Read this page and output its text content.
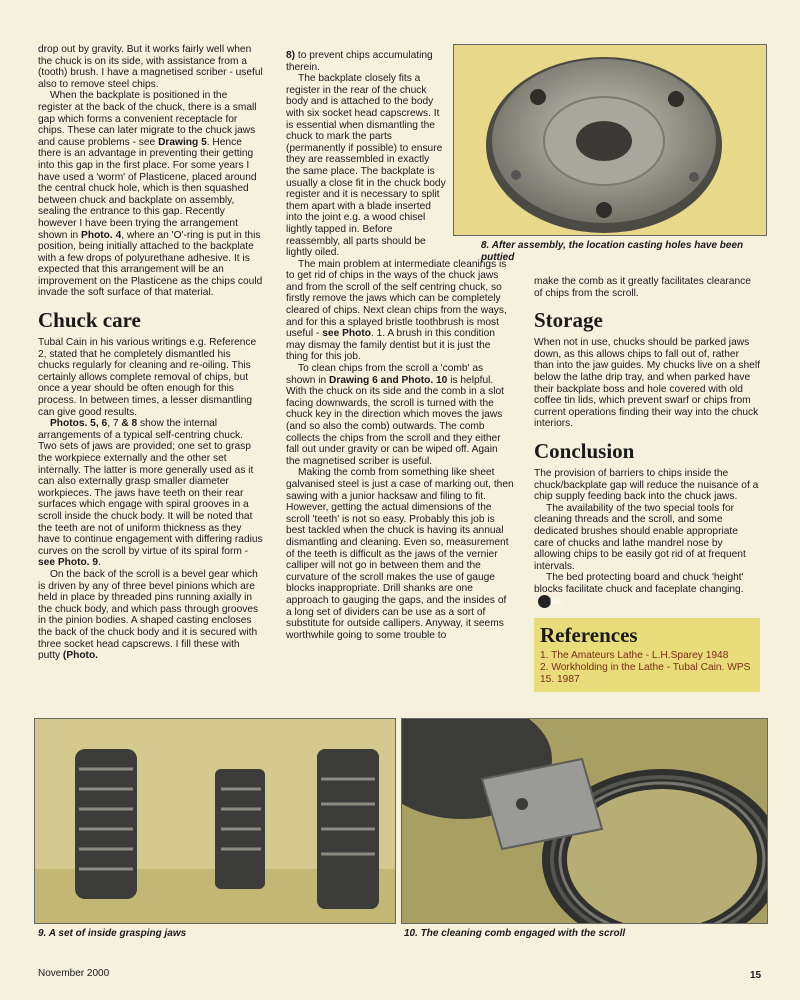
drop out by gravity. But it works fairly well when the chuck is on its side, with assistance from a (tooth) brush. I have a magnetised scriber - useful also to remove steel chips.

When the backplate is positioned in the register at the back of the chuck, there is a small gap which forms a convenient receptacle for chips. These can later migrate to the chuck jaws and cause problems - see Drawing 5. Hence there is an advantage in preventing their getting into this gap in the first place. For some years I have used a 'worm' of Plasticene, placed around the central chuck hole, which is then squashed between chuck and backplate on assembly, sealing the entrance to this gap. Recently however I have been trying the arrangement shown in Photo. 4, where an 'O'-ring is put in this position, being initially attached to the backplate with a few drops of polyurethane adhesive. It is expected that this arrangement will be an improvement on the Plasticene as the chips could invade the soft surface of that material.

Chuck care

Tubal Cain in his various writings e.g. Reference 2, stated that he completely dismantled his chucks regularly for cleaning and re-oiling. This certainly allows complete removal of chips, but once a year should be often enough for this process. In between times, a lesser dismantling can give good results.

Photos. 5, 6, 7 & 8 show the internal arrangements of a typical self-centring chuck. Two sets of jaws are provided; one set to grasp the workpiece externally and the other set internally. The latter is more generally used as it can also externally grasp smaller diameter workpieces. The jaws have teeth on their rear surfaces which engage with spiral grooves in a scroll inside the chuck body. It will be noted that the teeth are not of uniform thickness as they have to continue engagement with differing radius curves on the scroll by virtue of its spiral form - see Photo. 9.

On the back of the scroll is a bevel gear which is driven by any of three bevel pinions which are held in place by threaded pins running axially in the chuck body, and which pass through grooves in the pinion bodies. A shaped casting encloses the back of the chuck body and it is secured with three socket head capscrews. I fill these with putty (Photo.

8) to prevent chips accumulating therein.

The backplate closely fits a register in the rear of the chuck body and is attached to the body with six socket head capscrews. It is essential when dismantling the chuck to mark the parts (permanently if possible) to ensure they are reassembled in exactly the same place. The backplate is usually a close fit in the chuck body register and it is necessary to split them apart with a blade inserted into the joint e.g. a wood chisel lightly tapped in. Before reassembly, all parts should be lightly oiled.

The main problem at intermediate cleanings is to get rid of chips in the ways of the chuck jaws and from the scroll of the self centring chuck, so firstly remove the jaws which can be completely cleared of chips. Next clean chips from the ways, and for this a splayed bristle toothbrush is most useful - see Photo. 1. A brush in this condition may dismay the family dentist but it is just the thing for this job.

To clean chips from the scroll a 'comb' as shown in Drawing 6 and Photo. 10 is helpful. With the chuck on its side and the comb in a slot facing downwards, the scroll is turned with the chuck key in the direction which moves the jaws (and so also the comb) outwards. The comb collects the chips from the scroll and they either fall out under gravity or can be wiped off. Again the magnetised scriber is useful.

Making the comb from something like sheet galvanised steel is just a case of marking out, then sawing with a junior hacksaw and filing to fit. However, getting the actual dimensions of the scroll 'teeth' is not so easy. Probably this job is best tackled when the chuck is having its annual dismantling and cleaning. Even so, measurement of the teeth is difficult as the jaws of the vernier calliper will not go in between them and the curvature of the scroll makes the use of gauge blocks inappropriate. Drill shanks are one approach to gauging the gaps, and the insides of a long set of dividers can be use as a sort of substitute for outside callipers. Anyway, it seems worthwhile going to some trouble to

8. After assembly, the location casting holes have been puttied

make the comb as it greatly facilitates clearance of chips from the scroll.

Storage

When not in use, chucks should be parked jaws down, as this allows chips to fall out of, rather than into the jaw guides. My chucks live on a shelf below the lathe drip tray, and when parked have their backplate boss and hole covered with old coffee tin lids, which prevent swarf or chips from current operations finding their way into the chuck interiors.

Conclusion

The provision of barriers to chips inside the chuck/backplate gap will reduce the nuisance of a chip supply feeding back into the chuck jaws.

The availability of the two special tools for cleaning threads and the scroll, and some dedicated brushes should enable appropriate care of chucks and lathe mandrel nose by allowing chips to be easily got rid of at frequent intervals.

The bed protecting board and chuck 'height' blocks facilitate chuck and faceplate changing.ME

References

1. The Amateurs Lathe - L.H.Sparey 1948

2. Workholding in the Lathe - Tubal Cain. WPS 15. 1987

9. A set of inside grasping jaws	10. The cleaning comb engaged with the scroll
November 2000	15
